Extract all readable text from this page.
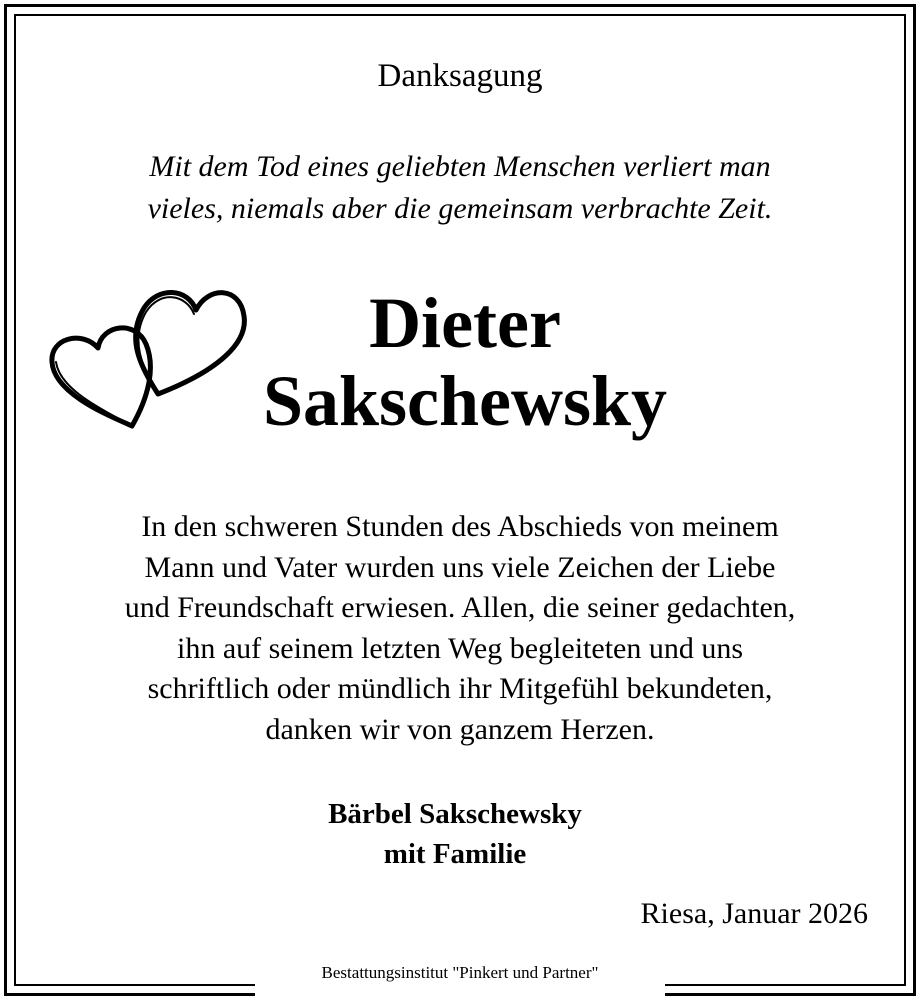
Danksagung
Mit dem Tod eines geliebten Menschen verliert man
vieles, niemals aber die gemeinsam verbrachte Zeit.
Dieter
Sakschewsky
In den schweren Stunden des Abschieds von meinem
Mann und Vater wurden uns viele Zeichen der Liebe
und Freundschaft erwiesen. Allen, die seiner gedachten,
ihn auf seinem letzten Weg begleiteten und uns
schriftlich oder mündlich ihr Mitgefühl bekundeten,
danken wir von ganzem Herzen.
Bärbel Sakschewsky
mit Familie
Riesa, Januar 2026
Bestattungsinstitut "Pinkert und Partner"
